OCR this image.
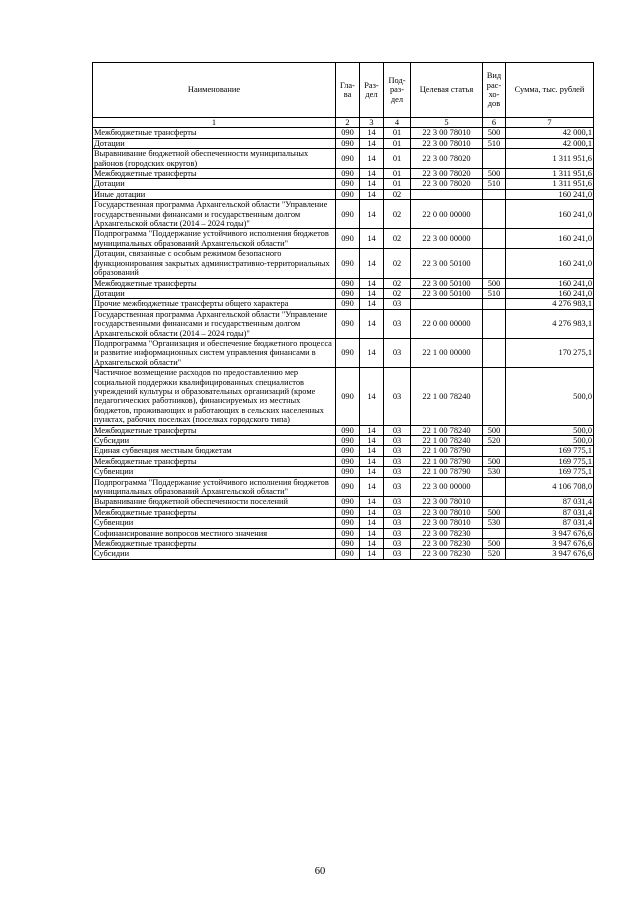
Наименование	Гла-ва	Раз-дел	Под-раз-дел	Целевая статья	Вид рас-хо-дов	Сумма, тыс. рублей
1	2	3	4	5	6	7
Межбюджетные трансферты	090	14	01	22 3 00 78010	500	42 000,1
Дотации	090	14	01	22 3 00 78010	510	42 000,1
Выравнивание бюджетной обеспеченности муниципальных районов (городских округов)	090	14	01	22 3 00 78020		1 311 951,6
Межбюджетные трансферты	090	14	01	22 3 00 78020	500	1 311 951,6
Дотации	090	14	01	22 3 00 78020	510	1 311 951,6
Иные дотации	090	14	02			160 241,0
Государственная программа Архангельской области "Управление государственными финансами и государственным долгом Архангельской области (2014 – 2024 годы)"	090	14	02	22 0 00 00000		160 241,0
Подпрограмма "Поддержание устойчивого исполнения бюджетов муниципальных образований Архангельской области"	090	14	02	22 3 00 00000		160 241,0
Дотации, связанные с особым режимом безопасного функционирования закрытых административно-территориальных образований	090	14	02	22 3 00 50100		160 241,0
Межбюджетные трансферты	090	14	02	22 3 00 50100	500	160 241,0
Дотации	090	14	02	22 3 00 50100	510	160 241,0
Прочие межбюджетные трансферты общего характера	090	14	03			4 276 983,1
Государственная программа Архангельской области "Управление государственными финансами и государственным долгом Архангельской области (2014 – 2024 годы)"	090	14	03	22 0 00 00000		4 276 983,1
Подпрограмма "Организация и обеспечение бюджетного процесса и развитие информационных систем управления финансами в Архангельской области"	090	14	03	22 1 00 00000		170 275,1
Частичное возмещение расходов по предоставлению мер социальной поддержки квалифицированных специалистов учреждений культуры и образовательных организаций (кроме педагогических работников), финансируемых из местных бюджетов, проживающих и работающих в сельских населенных пунктах, рабочих поселках (поселках городского типа)	090	14	03	22 1 00 78240		500,0
Межбюджетные трансферты	090	14	03	22 1 00 78240	500	500,0
Субсидии	090	14	03	22 1 00 78240	520	500,0
Единая субвенция местным бюджетам	090	14	03	22 1 00 78790		169 775,1
Межбюджетные трансферты	090	14	03	22 1 00 78790	500	169 775,1
Субвенции	090	14	03	22 1 00 78790	530	169 775,1
Подпрограмма "Поддержание устойчивого исполнения бюджетов муниципальных образований Архангельской области"	090	14	03	22 3 00 00000		4 106 708,0
Выравнивание бюджетной обеспеченности поселений	090	14	03	22 3 00 78010		87 031,4
Межбюджетные трансферты	090	14	03	22 3 00 78010	500	87 031,4
Субвенции	090	14	03	22 3 00 78010	530	87 031,4
Софинансирование вопросов местного значения	090	14	03	22 3 00 78230		3 947 676,6
Межбюджетные трансферты	090	14	03	22 3 00 78230	500	3 947 676,6
Субсидии	090	14	03	22 3 00 78230	520	3 947 676,6
60
